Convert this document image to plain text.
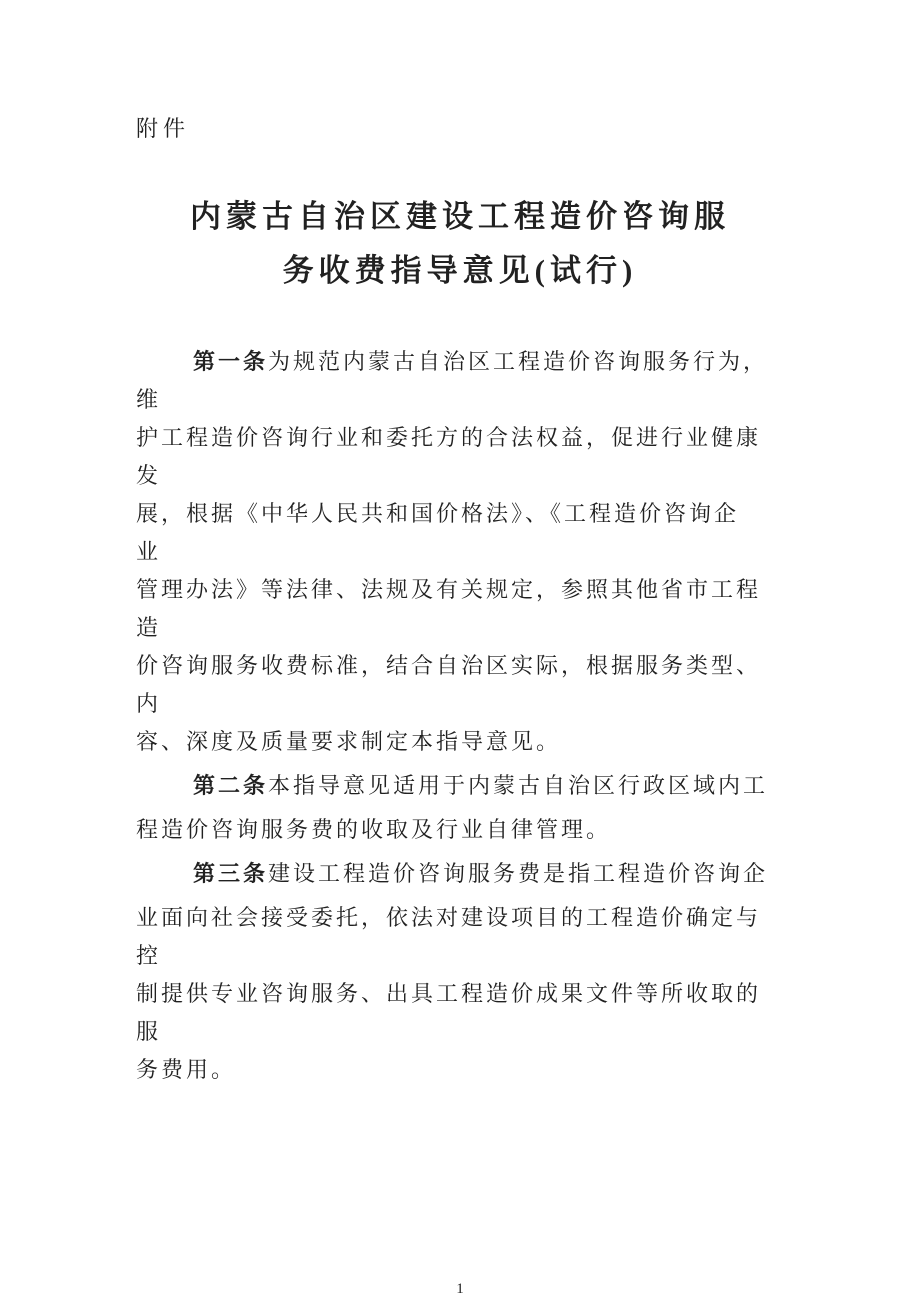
附件
内蒙古自治区建设工程造价咨询服
务收费指导意见(试行)
第一条为规范内蒙古自治区工程造价咨询服务行为，
维
护工程造价咨询行业和委托方的合法权益，促进行业健康
发
展，根据《中华人民共和国价格法》、《工程造价咨询企
业
管理办法》等法律、法规及有关规定，参照其他省市工程
造
价咨询服务收费标准，结合自治区实际，根据服务类型、
内
容、深度及质量要求制定本指导意见。
第二条本指导意见适用于内蒙古自治区行政区域内工
程造价咨询服务费的收取及行业自律管理。
第三条建设工程造价咨询服务费是指工程造价咨询企
业面向社会接受委托，依法对建设项目的工程造价确定与
控
制提供专业咨询服务、出具工程造价成果文件等所收取的
服
务费用。
1
